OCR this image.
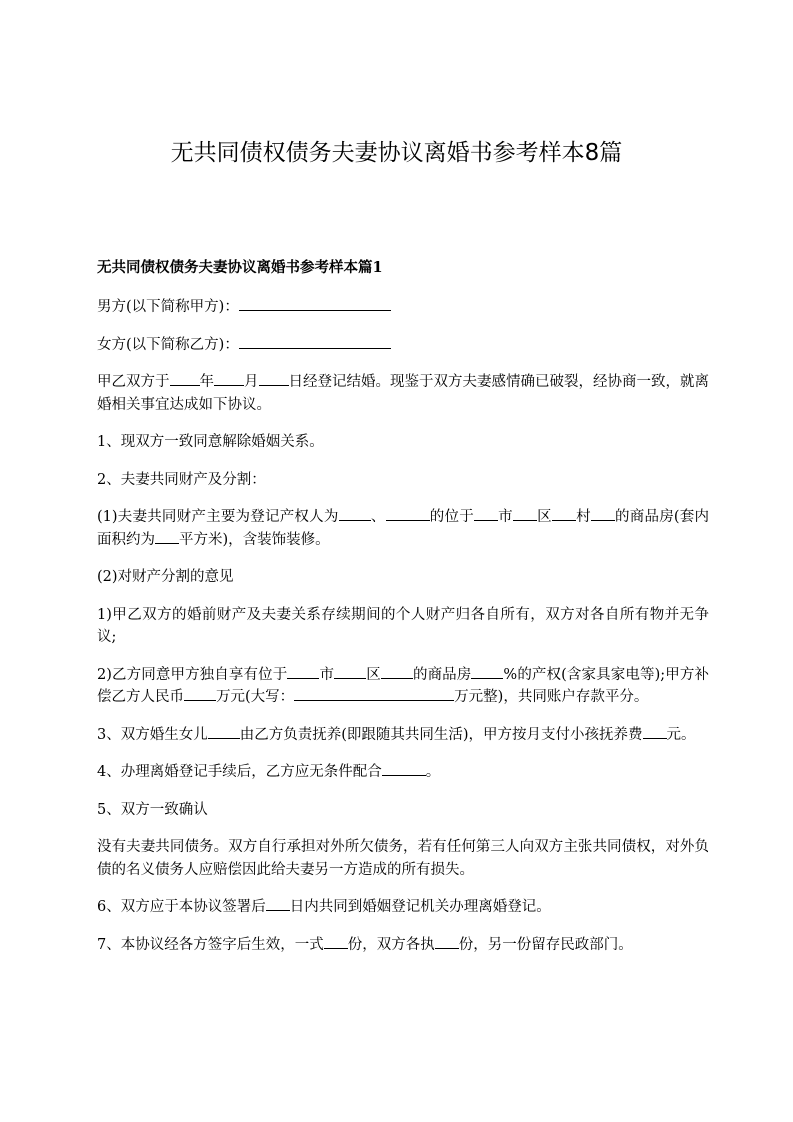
无共同债权债务夫妻协议离婚书参考样本8篇
无共同债权债务夫妻协议离婚书参考样本篇1

男方(以下简称甲方)：

女方(以下简称乙方)：

甲乙双方于 年 月 日经登记结婚。现鉴于双方夫妻感情确已破裂，经协商一致，就离婚相关事宜达成如下协议。

1、现双方一致同意解除婚姻关系。

2、夫妻共同财产及分割：

(1)夫妻共同财产主要为登记产权人为 、	的位于 市 区 村 的商品房(套内面积约为 平方米)，含装饰装修。

(2)对财产分割的意见

1)甲乙双方的婚前财产及夫妻关系存续期间的个人财产归各自所有，双方对各自所有物并无争议;

2)乙方同意甲方独自享有位于 市 区 的商品房 %的产权(含家具家电等);甲方补偿乙方人民币 万元(大写：	万元整)，共同账户存款平分。

3、双方婚生女儿 由乙方负责抚养(即跟随其共同生活)，甲方按月支付小孩抚养费 元。

4、办理离婚登记手续后，乙方应无条件配合	。

5、双方一致确认

没有夫妻共同债务。双方自行承担对外所欠债务，若有任何第三人向双方主张共同债权，对外负债的名义债务人应赔偿因此给夫妻另一方造成的所有损失。

6、双方应于本协议签署后 日内共同到婚姻登记机关办理离婚登记。

7、本协议经各方签字后生效，一式 份，双方各执 份，另一份留存民政部门。
